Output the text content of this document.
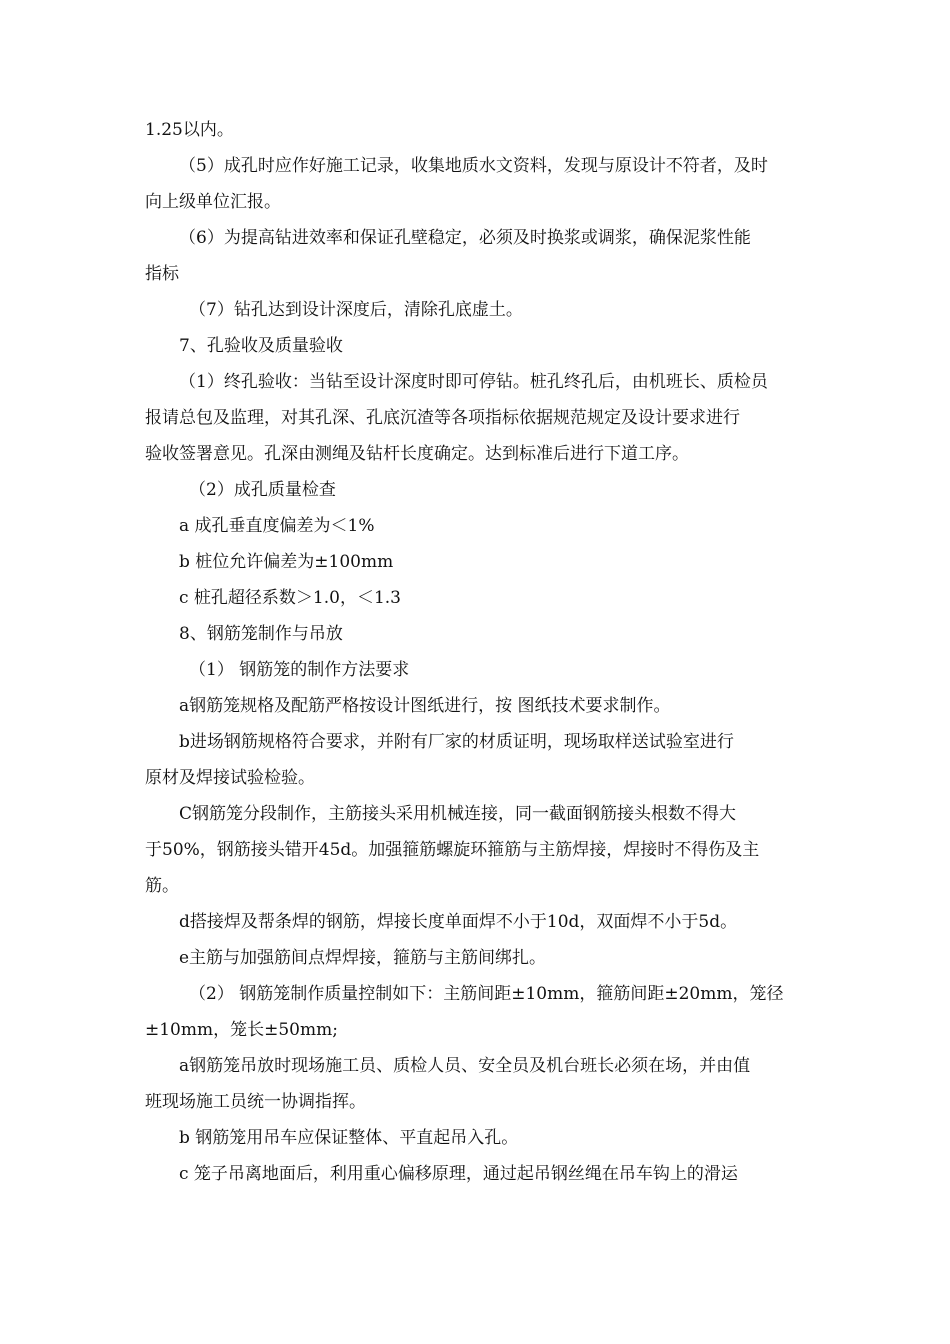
1.25以内。

（5）成孔时应作好施工记录，收集地质水文资料，发现与原设计不符者，及时

向上级单位汇报。

（6）为提高钻进效率和保证孔壁稳定，必须及时换浆或调浆，确保泥浆性能

指标

（7）钻孔达到设计深度后，清除孔底虚土。

7、孔验收及质量验收

（1）终孔验收：当钻至设计深度时即可停钻。桩孔终孔后，由机班长、质检员

报请总包及监理，对其孔深、孔底沉渣等各项指标依据规范规定及设计要求进行

验收签署意见。孔深由测绳及钻杆长度确定。达到标准后进行下道工序。

（2）成孔质量检查

a 成孔垂直度偏差为＜1%

b 桩位允许偏差为±100mm

c 桩孔超径系数＞1.0，＜1.3

8、钢筋笼制作与吊放

（1） 钢筋笼的制作方法要求

a钢筋笼规格及配筋严格按设计图纸进行，按 图纸技术要求制作。

b进场钢筋规格符合要求，并附有厂家的材质证明，现场取样送试验室进行

原材及焊接试验检验。

C钢筋笼分段制作，主筋接头采用机械连接，同一截面钢筋接头根数不得大

于50%，钢筋接头错开45d。加强箍筋螺旋环箍筋与主筋焊接，焊接时不得伤及主

筋。

d搭接焊及帮条焊的钢筋，焊接长度单面焊不小于10d，双面焊不小于5d。

e主筋与加强筋间点焊焊接，箍筋与主筋间绑扎。

（2） 钢筋笼制作质量控制如下：主筋间距±10mm，箍筋间距±20mm，笼径

±10mm，笼长±50mm;

a钢筋笼吊放时现场施工员、质检人员、安全员及机台班长必须在场，并由值

班现场施工员统一协调指挥。

b 钢筋笼用吊车应保证整体、平直起吊入孔。

c 笼子吊离地面后，利用重心偏移原理，通过起吊钢丝绳在吊车钩上的滑运
